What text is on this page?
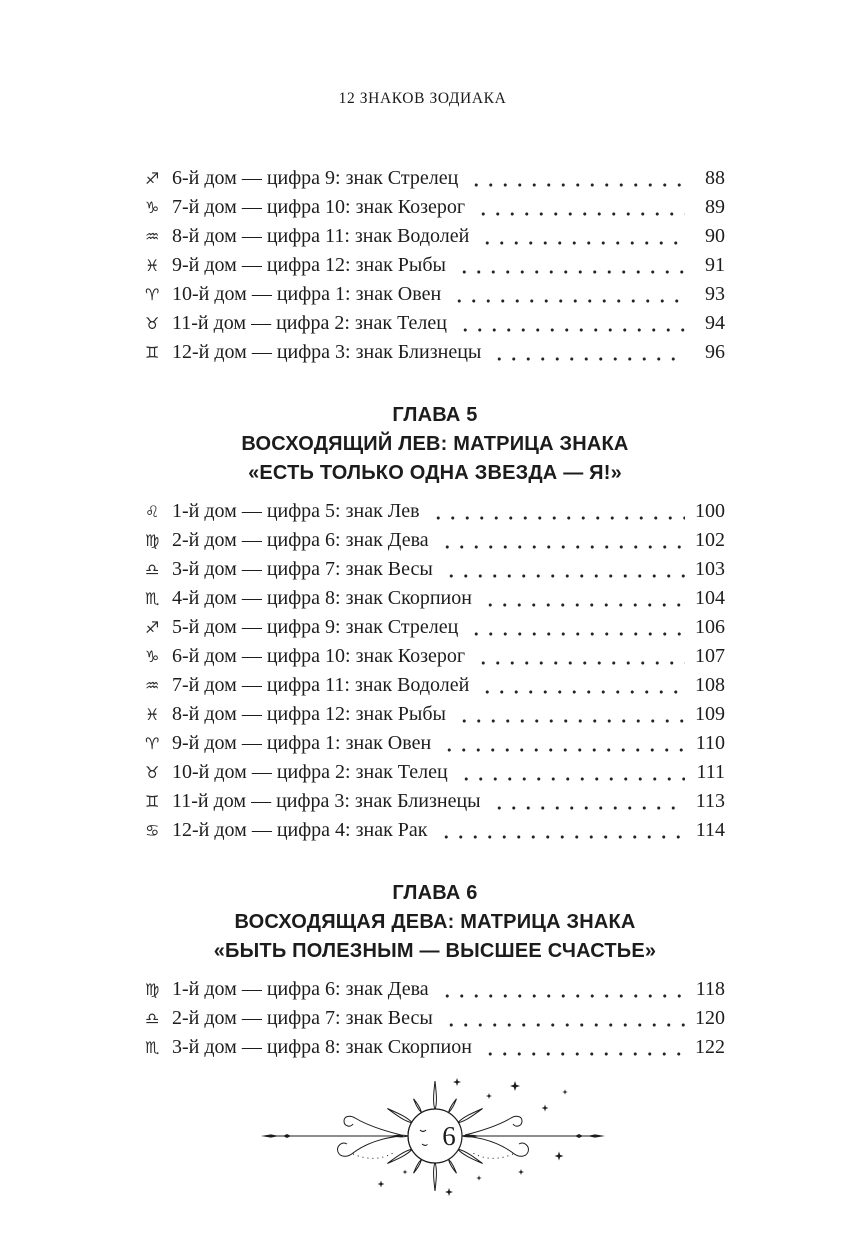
12 ЗНАКОВ ЗОДИАКА
♐ 6-й дом — цифра 9: знак Стрелец	88
♑ 7-й дом — цифра 10: знак Козерог	89
♒ 8-й дом — цифра 11: знак Водолей	90
♓ 9-й дом — цифра 12: знак Рыбы	91
♈ 10-й дом — цифра 1: знак Овен	93
♉ 11-й дом — цифра 2: знак Телец	94
♊ 12-й дом — цифра 3: знак Близнецы	96
ГЛАВА 5
ВОСХОДЯЩИЙ ЛЕВ: МАТРИЦА ЗНАКА
«ЕСТЬ ТОЛЬКО ОДНА ЗВЕЗДА — Я!»
♌ 1-й дом — цифра 5: знак Лев	100
♍ 2-й дом — цифра 6: знак Дева	102
♎ 3-й дом — цифра 7: знак Весы	103
♏ 4-й дом — цифра 8: знак Скорпион	104
♐ 5-й дом — цифра 9: знак Стрелец	106
♑ 6-й дом — цифра 10: знак Козерог	107
♒ 7-й дом — цифра 11: знак Водолей	108
♓ 8-й дом — цифра 12: знак Рыбы	109
♈ 9-й дом — цифра 1: знак Овен	110
♉ 10-й дом — цифра 2: знак Телец	111
♊ 11-й дом — цифра 3: знак Близнецы	113
♋ 12-й дом — цифра 4: знак Рак	114
ГЛАВА 6
ВОСХОДЯЩАЯ ДЕВА: МАТРИЦА ЗНАКА
«БЫТЬ ПОЛЕЗНЫМ — ВЫСШЕЕ СЧАСТЬЕ»
♍ 1-й дом — цифра 6: знак Дева	118
♎ 2-й дом — цифра 7: знак Весы	120
♏ 3-й дом — цифра 8: знак Скорпион	122
6
